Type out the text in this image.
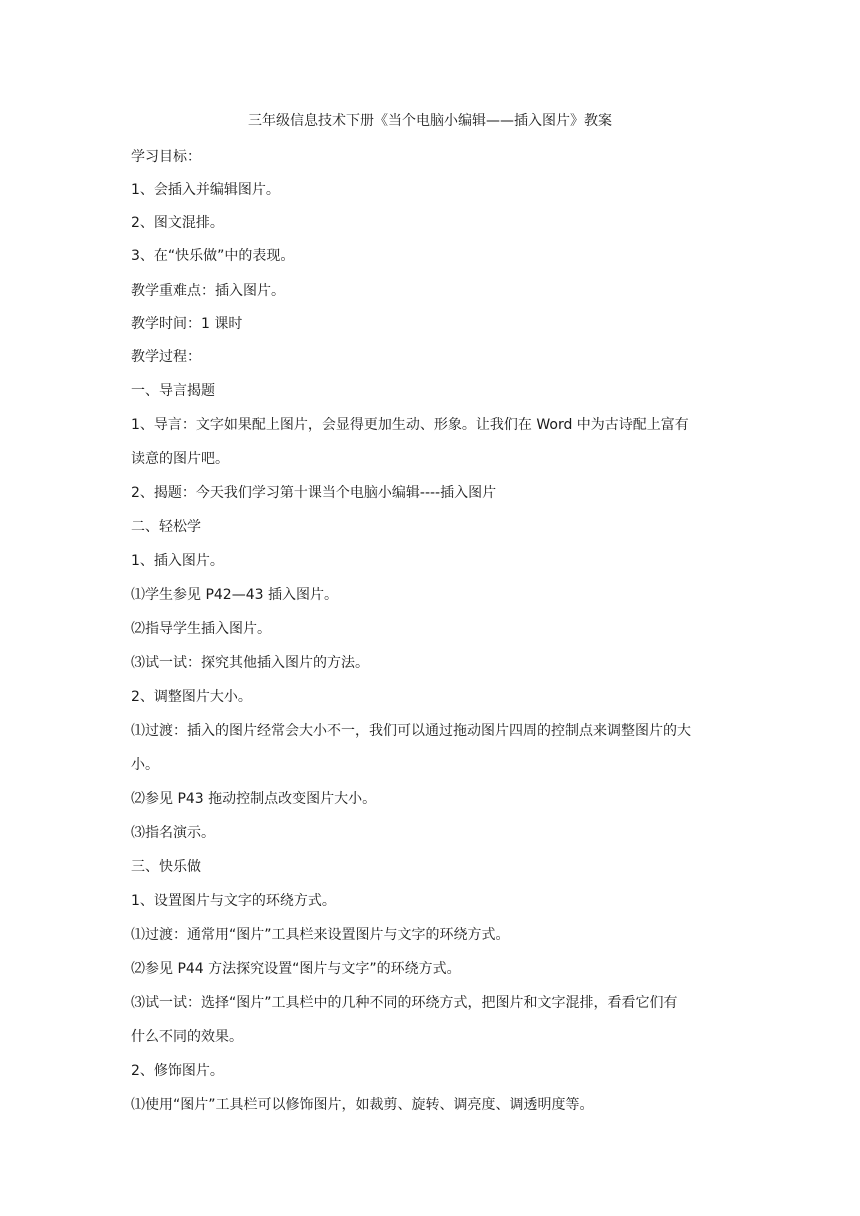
三年级信息技术下册《当个电脑小编辑——插入图片》教案
学习目标：
1、会插入并编辑图片。
2、图文混排。
3、在“快乐做”中的表现。
教学重难点：插入图片。
教学时间：1 课时
教学过程：
一、导言揭题
1、导言：文字如果配上图片，会显得更加生动、形象。让我们在 Word 中为古诗配上富有
读意的图片吧。
2、揭题：今天我们学习第十课当个电脑小编辑----插入图片
二、轻松学
1、插入图片。
⑴学生参见 P42—43 插入图片。
⑵指导学生插入图片。
⑶试一试：探究其他插入图片的方法。
2、调整图片大小。
⑴过渡：插入的图片经常会大小不一，我们可以通过拖动图片四周的控制点来调整图片的大
小。
⑵参见 P43 拖动控制点改变图片大小。
⑶指名演示。
三、快乐做
1、设置图片与文字的环绕方式。
⑴过渡：通常用“图片”工具栏来设置图片与文字的环绕方式。
⑵参见 P44 方法探究设置“图片与文字”的环绕方式。
⑶试一试：选择“图片”工具栏中的几种不同的环绕方式，把图片和文字混排，看看它们有
什么不同的效果。
2、修饰图片。
⑴使用“图片”工具栏可以修饰图片，如裁剪、旋转、调亮度、调透明度等。
